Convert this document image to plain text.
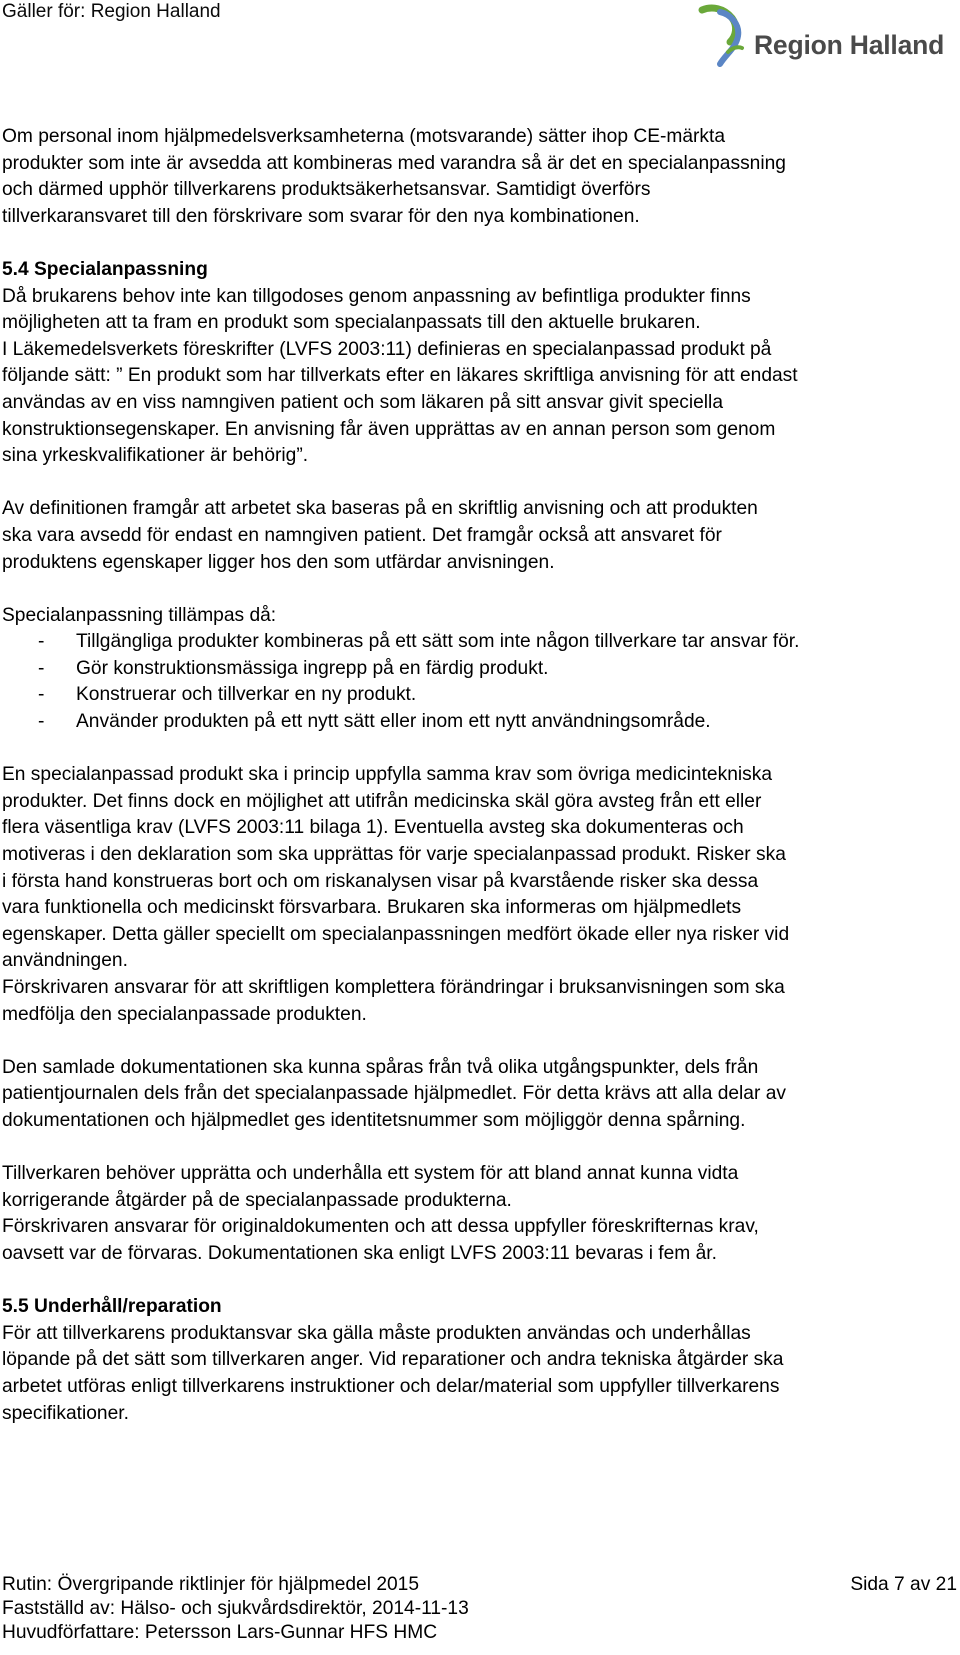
Gäller för: Region Halland
Region Halland

Om personal inom hjälpmedelsverksamheterna (motsvarande) sätter ihop CE-märkta

produkter som inte är avsedda att kombineras med varandra så är det en specialanpassning

och därmed upphör tillverkarens produktsäkerhetsansvar. Samtidigt överförs

tillverkaransvaret till den förskrivare som svarar för den nya kombinationen.

5.4 Specialanpassning

Då brukarens behov inte kan tillgodoses genom anpassning av befintliga produkter finns

möjligheten att ta fram en produkt som specialanpassats till den aktuelle brukaren.

I Läkemedelsverkets föreskrifter (LVFS 2003:11) definieras en specialanpassad produkt på

följande sätt: ” En produkt som har tillverkats efter en läkares skriftliga anvisning för att endast

användas av en viss namngiven patient och som läkaren på sitt ansvar givit speciella

konstruktionsegenskaper. En anvisning får även upprättas av en annan person som genom

sina yrkeskvalifikationer är behörig”.

Av definitionen framgår att arbetet ska baseras på en skriftlig anvisning och att produkten

ska vara avsedd för endast en namngiven patient. Det framgår också att ansvaret för

produktens egenskaper ligger hos den som utfärdar anvisningen.

Specialanpassning tillämpas då:

- Tillgängliga produkter kombineras på ett sätt som inte någon tillverkare tar ansvar för.
- Gör konstruktionsmässiga ingrepp på en färdig produkt.
- Konstruerar och tillverkar en ny produkt.
- Använder produkten på ett nytt sätt eller inom ett nytt användningsområde.

En specialanpassad produkt ska i princip uppfylla samma krav som övriga medicintekniska

produkter. Det finns dock en möjlighet att utifrån medicinska skäl göra avsteg från ett eller

flera väsentliga krav (LVFS 2003:11 bilaga 1). Eventuella avsteg ska dokumenteras och

motiveras i den deklaration som ska upprättas för varje specialanpassad produkt. Risker ska

i första hand konstrueras bort och om riskanalysen visar på kvarstående risker ska dessa

vara funktionella och medicinskt försvarbara. Brukaren ska informeras om hjälpmedlets

egenskaper. Detta gäller speciellt om specialanpassningen medfört ökade eller nya risker vid

användningen.

Förskrivaren ansvarar för att skriftligen komplettera förändringar i bruksanvisningen som ska

medfölja den specialanpassade produkten.

Den samlade dokumentationen ska kunna spåras från två olika utgångspunkter, dels från

patientjournalen dels från det specialanpassade hjälpmedlet. För detta krävs att alla delar av

dokumentationen och hjälpmedlet ges identitetsnummer som möjliggör denna spårning.

Tillverkaren behöver upprätta och underhålla ett system för att bland annat kunna vidta

korrigerande åtgärder på de specialanpassade produkterna.

Förskrivaren ansvarar för originaldokumenten och att dessa uppfyller föreskrifternas krav,

oavsett var de förvaras. Dokumentationen ska enligt LVFS 2003:11 bevaras i fem år.

5.5 Underhåll/reparation

För att tillverkarens produktansvar ska gälla måste produkten användas och underhållas

löpande på det sätt som tillverkaren anger. Vid reparationer och andra tekniska åtgärder ska

arbetet utföras enligt tillverkarens instruktioner och delar/material som uppfyller tillverkarens

specifikationer.

Rutin: Övergripande riktlinjer för hjälpmedel 2015	Sida 7 av 21
Fastställd av: Hälso- och sjukvårdsdirektör, 2014-11-13
Huvudförfattare: Petersson Lars-Gunnar HFS HMC
